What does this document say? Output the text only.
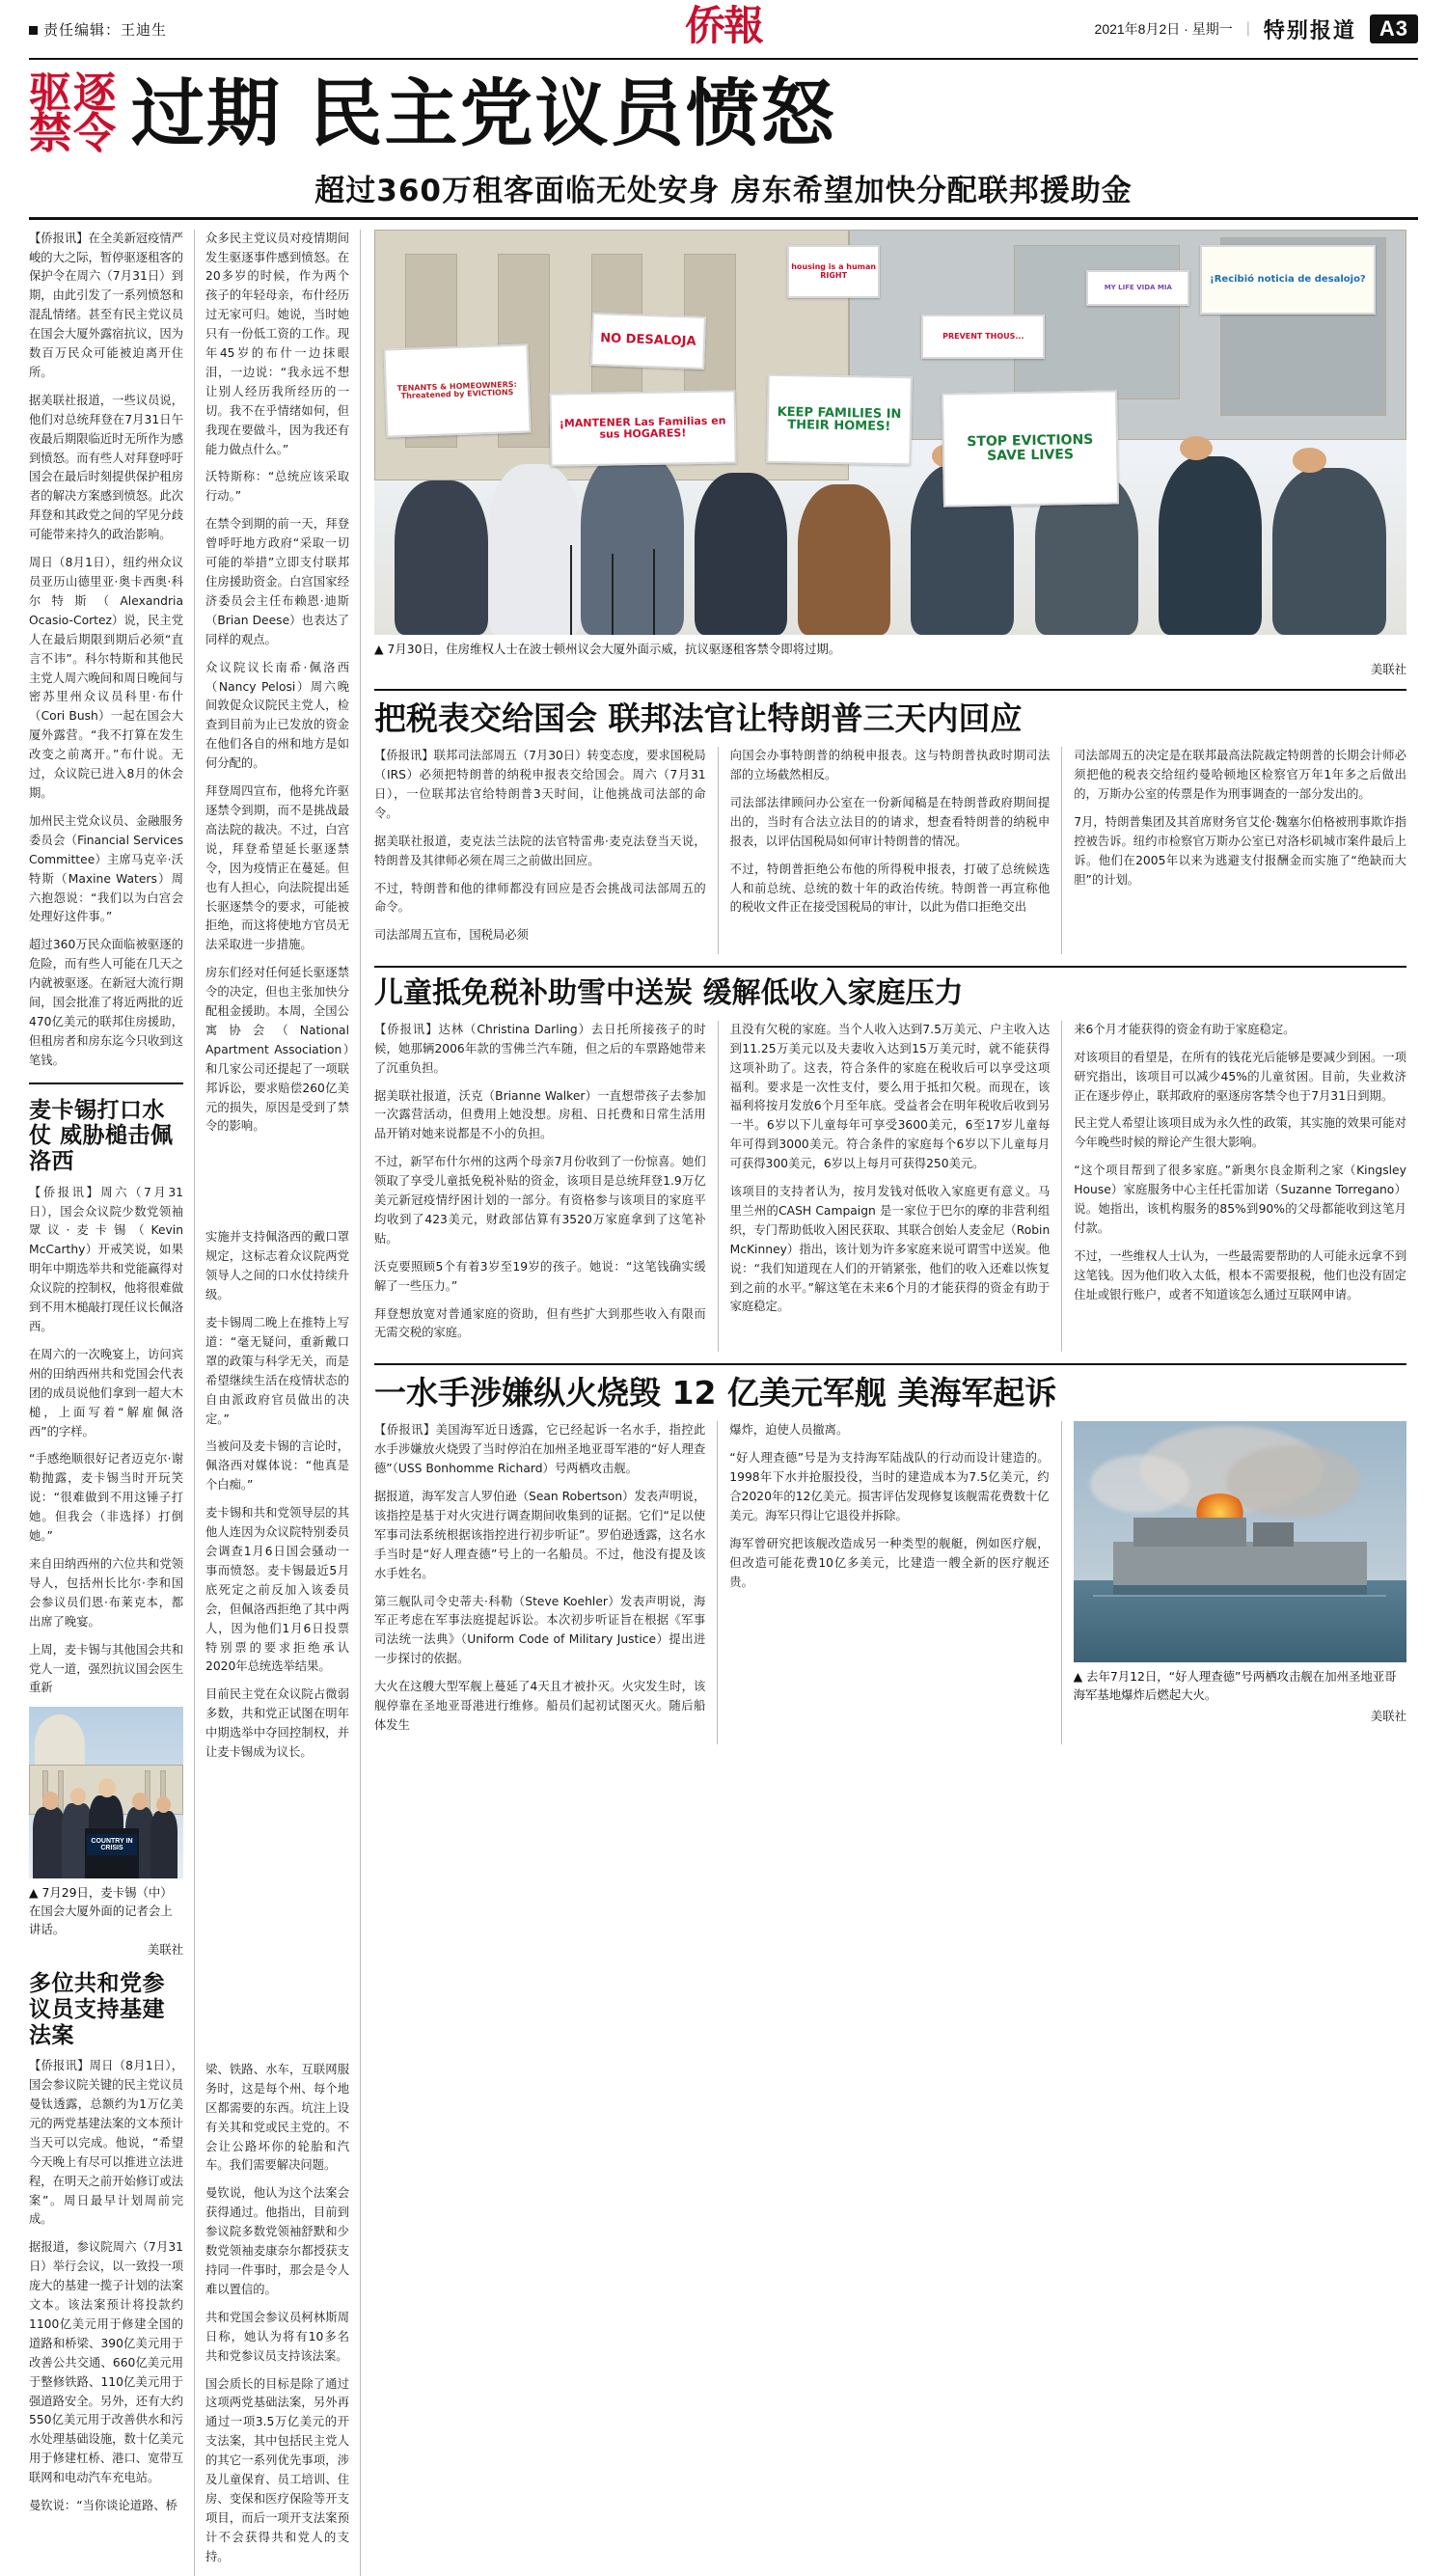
责任编辑：王迪生	侨報	2021年8月2日 · 星期一 | 特别报道	A3
驱逐
禁令 过期 民主党议员愤怒
超过360万租客面临无处安身 房东希望加快分配联邦援助金

【侨报讯】在全美新冠疫情严峻的大之际，暂停驱逐租客的保护令在周六（7月31日）到期，由此引发了一系列愤怒和混乱情绪。甚至有民主党议员在国会大厦外露宿抗议，因为数百万民众可能被迫离开住所。

据美联社报道，一些议员说，他们对总统拜登在7月31日午夜最后期限临近时无所作为感到愤怒。而有些人对拜登呼吁国会在最后时刻提供保护租房者的解决方案感到愤怒。此次拜登和其政党之间的罕见分歧可能带来持久的政治影响。

周日（8月1日），纽约州众议员亚历山德里亚·奥卡西奥·科尔特斯（Alexandria Ocasio-Cortez）说，民主党人在最后期限到期后必须“直言不讳”。科尔特斯和其他民主党人周六晚间和周日晚间与密苏里州众议员科里·布什（Cori Bush）一起在国会大厦外露营。“我不打算在发生改变之前离开。”布什说。无过，众议院已进入8月的休会期。

加州民主党众议员、金融服务委员会（Financial Services Committee）主席马克辛·沃特斯（Maxine Waters）周六抱怨说：“我们以为白宫会处理好这件事。”

超过360万民众面临被驱逐的危险，而有些人可能在几天之内就被驱逐。在新冠大流行期间，国会批准了将近两批的近470亿美元的联邦住房援助，但租房者和房东迄今只收到这笔钱。

麦卡锡打口水仗 威胁槌击佩洛西

【侨报讯】周六（7月31日），国会众议院少数党领袖眾议·麦卡锡（Kevin McCarthy）开戒笑说，如果明年中期选举共和党能赢得对众议院的控制权，他将很难做到不用木槌敲打现任议长佩洛西。

在周六的一次晚宴上，访问宾州的田纳西州共和党国会代表团的成员说他们拿到一超大木槌，上面写着“解雇佩洛西”的字样。

“手感绝顺很好记者迈克尔·谢勒抛露，麦卡锡当时开玩笑说：“很难做到不用这锤子打她。但我会（非选择）打倒她。”

来自田纳西州的六位共和党领导人，包括州长比尔·李和国会参议员们恩·布莱克本，都出席了晚宴。

上周，麦卡锡与其他国会共和党人一道，强烈抗议国会医生重新

COUNTRY IN CRISIS

▲ 7月29日，麦卡锡（中）在国会大厦外面的记者会上讲话。

美联社

多位共和党参议员支持基建法案

【侨报讯】周日（8月1日），国会参议院关键的民主党议员曼钛透露，总额约为1万亿美元的两党基建法案的文本预计当天可以完成。他说，“希望今天晚上有尽可以推进立法进程，在明天之前开始修订或法案”。周日最早计划周前完成。

据报道，参议院周六（7月31日）举行会议，以一致投一项庞大的基建一揽子计划的法案文本。该法案预计将投款约1100亿美元用于修建全国的道路和桥梁、390亿美元用于改善公共交通、660亿美元用于整修铁路、110亿美元用于强道路安全。另外，还有大约550亿美元用于改善供水和污水处理基础设施，数十亿美元用于修建杠桥、港口、宽带互联网和电动汽车充电站。

曼钦说：“当你谈论道路、桥

众多民主党议员对疫情期间发生驱逐事件感到愤怒。在20多岁的时候，作为两个孩子的年轻母亲，布什经历过无家可归。她说，当时她只有一份低工资的工作。现年45岁的布什一边抹眼泪，一边说：“我永远不想让别人经历我所经历的一切。我不在乎情绪如何，但我现在要做斗，因为我还有能力做点什么。”

沃特斯称：“总统应该采取行动。”

在禁令到期的前一天，拜登曾呼吁地方政府“采取一切可能的举措”立即支付联邦住房援助资金。白宫国家经济委员会主任布赖恩·迪斯（Brian Deese）也表达了同样的观点。

众议院议长南希·佩洛西（Nancy Pelosi）周六晚间敦促众议院民主党人，检查到目前为止已发放的资金在他们各自的州和地方是如何分配的。

拜登周四宣布，他将允许驱逐禁令到期，而不是挑战最高法院的裁决。不过，白宫说，拜登希望延长驱逐禁令，因为疫情正在蔓延。但也有人担心，向法院提出延长驱逐禁令的要求，可能被拒绝，而这将使地方官员无法采取进一步措施。

房东们经对任何延长驱逐禁令的决定，但也主张加快分配租金援助。本周，全国公寓协会（National Apartment Association）和几家公司还提起了一项联邦诉讼，要求赔偿260亿美元的损失，原因是受到了禁令的影响。

实施并支持佩洛西的戴口罩规定，这标志着众议院两党领导人之间的口水仗持续升级。

麦卡锡周二晚上在推特上写道：“毫无疑问，重新戴口罩的政策与科学无关，而是希望继续生活在疫情状态的自由派政府官员做出的决定。”

当被问及麦卡锡的言论时，佩洛西对媒体说：“他真是个白痴。”

麦卡锡和共和党领导层的其他人连因为众议院特别委员会调查1月6日国会骚动一事而愤怒。麦卡锡最近5月底死定之前反加入该委员会，但佩洛西拒绝了其中两人，因为他们1月6日投票特别票的要求拒绝承认2020年总统选举结果。

目前民主党在众议院占微弱多数，共和党正试图在明年中期选举中夺回控制权，并让麦卡锡成为议长。

梁、铁路、水车，互联网服务时，这是每个州、每个地区都需要的东西。坑注上设有关其和党或民主党的。不会让公路坏你的轮胎和汽车。我们需要解决问题。

曼钦说，他认为这个法案会获得通过。他指出，目前到参议院多数党领袖舒默和少数党领袖麦康奈尔都授获支持同一件事时，那会是令人难以置信的。

共和党国会参议员柯林斯周日称，她认为将有10多名共和党参议员支持该法案。

国会质长的目标是除了通过这项两党基础法案，另外再通过一项3.5万亿美元的开支法案，其中包括民主党人的其它一系列优先事项，涉及儿童保育、员工培训、住房、变保和医疗保险等开支项目，而后一项开支法案预计不会获得共和党人的支持。

TENANTS & HOMEOWNERS: Threatened by EVICTIONS
NO DESALOJA
¡MANTENER Las Familias en sus HOGARES!
KEEP FAMILIES IN THEIR HOMES!
STOP EVICTIONS SAVE LIVES
housing is a human RIGHT
PREVENT THOUS...
¡Recibió noticia de desalojo?
MY LIFE VIDA MIA

▲ 7月30日，住房维权人士在波士顿州议会大厦外面示威，抗议驱逐租客禁令即将过期。

美联社

把税表交给国会 联邦法官让特朗普三天内回应

【侨报讯】联邦司法部周五（7月30日）转变态度，要求国税局（IRS）必须把特朗普的纳税申报表交给国会。周六（7月31日），一位联邦法官给特朗普3天时间，让他挑战司法部的命令。

据美联社报道，麦克法兰法院的法官特雷弗·麦克法登当天说，特朗普及其律师必须在周三之前做出回应。

不过，特朗普和他的律师都没有回应是否会挑战司法部周五的命令。

司法部周五宣布，国税局必须

向国会办事特朗普的纳税申报表。这与特朗普执政时期司法部的立场截然相反。

司法部法律顾问办公室在一份新闻稿是在特朗普政府期间提出的，当时有合法立法目的的请求，想查看特朗普的纳税申报表，以评估国税局如何审计特朗普的情况。

不过，特朗普拒绝公布他的所得税申报表，打破了总统候选人和前总统、总统的数十年的政治传统。特朗普一再宣称他的税收文件正在接受国税局的审计，以此为借口拒绝交出

司法部周五的决定是在联邦最高法院裁定特朗普的长期会计师必须把他的税表交给纽约曼哈顿地区检察官万年1年多之后做出的，万斯办公室的传票是作为刑事调查的一部分发出的。

7月，特朗普集团及其首席财务官艾伦·魏塞尔伯格被刑事欺诈指控被告诉。纽约市检察官万斯办公室已对洛杉矶城市案件最后上诉。他们在2005年以来为逃避支付报酬金而实施了“绝缺而大胆”的计划。

儿童抵免税补助雪中送炭 缓解低收入家庭压力

【侨报讯】达林（Christina Darling）去日托所接孩子的时候，她那辆2006年款的雪佛兰汽车随，但之后的车票路她带来了沉重负担。

据美联社报道，沃克（Brianne Walker）一直想带孩子去参加一次露营活动，但费用上她没想。房租、日托费和日常生活用品开销对她来说都是不小的负担。

不过，新罕布什尔州的这两个母亲7月份收到了一份惊喜。她们领取了享受儿童抵免税补贴的资金，该项目是总统拜登1.9万亿美元新冠疫情纾困计划的一部分。有资格参与该项目的家庭平均收到了423美元，财政部估算有3520万家庭拿到了这笔补贴。

沃克要照顾5个有着3岁至19岁的孩子。她说：“这笔钱确实缓解了一些压力。”

拜登想放宽对普通家庭的资助，但有些扩大到那些收入有限而无需交税的家庭。

且没有欠税的家庭。当个人收入达到7.5万美元、户主收入达到11.25万美元以及夫妻收入达到15万美元时，就不能获得这项补助了。这表，符合条件的家庭在税收后可以享受这项福利。要求是一次性支付，要么用于抵扣欠税。而现在，该福利将按月发放6个月至年底。受益者会在明年税收后收到另一半。6岁以下儿童每年可享受3600美元，6至17岁儿童每年可得到3000美元。符合条件的家庭每个6岁以下儿童每月可获得300美元，6岁以上每月可获得250美元。

该项目的支持者认为，按月发钱对低收入家庭更有意义。马里兰州的CASH Campaign 是一家位于巴尔的摩的非营利组织，专门帮助低收入困民获取、其联合创始人麦金尼（Robin McKinney）指出，该计划为许多家庭来说可谓雪中送炭。他说：“我们知道现在人们的开销紧张，他们的收入还难以恢复到之前的水平。”解这笔在未来6个月的才能获得的资金有助于家庭稳定。

来6个月才能获得的资金有助于家庭稳定。

对该项目的看望是，在所有的钱花光后能够是要减少到困。一项研究指出，该项目可以减少45%的儿童贫困。目前，失业救济正在逐步停止，联邦政府的驱逐房客禁令也于7月31日到期。

民主党人希望让该项目成为永久性的政策，其实施的效果可能对今年晚些时候的辩论产生很大影响。

“这个项目帮到了很多家庭。”新奥尔良金斯利之家（Kingsley House）家庭服务中心主任托雷加诺（Suzanne Torregano）说。她指出，该机构服务的85%到90%的父母都能收到这笔月付款。

不过，一些维权人士认为，一些最需要帮助的人可能永远拿不到这笔钱。因为他们收入太低，根本不需要报税，他们也没有固定住址或银行账户，或者不知道该怎么通过互联网申请。

一水手涉嫌纵火烧毁 12 亿美元军舰 美海军起诉

【侨报讯】美国海军近日透露，它已经起诉一名水手，指控此水手涉嫌放火烧毁了当时停泊在加州圣地亚哥军港的“好人理查德”（USS Bonhomme Richard）号两栖攻击舰。

据报道，海军发言人罗伯逊（Sean Robertson）发表声明说，该指控是基于对火灾进行调查期间收集到的证据。它们“足以使军事司法系统根据该指控进行初步听证”。罗伯逊透露，这名水手当时是“好人理查德”号上的一名船员。不过，他没有提及该水手姓名。

第三舰队司令史蒂夫·科勒（Steve Koehler）发表声明说，海军正考虑在军事法庭提起诉讼。本次初步听证旨在根据《军事司法统一法典》（Uniform Code of Military Justice）提出进一步探讨的依据。

大火在这艘大型军舰上蔓延了4天且才被扑灭。火灾发生时，该舰停靠在圣地亚哥港进行维修。船员们起初试图灭火。随后船体发生

爆炸，迫使人员撤离。

“好人理查德”号是为支持海军陆战队的行动而设计建造的。1998年下水并抢服投役，当时的建造成本为7.5亿美元，约合2020年的12亿美元。损害评估发现修复该舰需花费数十亿美元。海军只得让它退役并拆除。

海军曾研究把该舰改造成另一种类型的舰艇，例如医疗舰，但改造可能花费10亿多美元，比建造一艘全新的医疗舰还贵。

▲ 去年7月12日，“好人理查德”号两栖攻击舰在加州圣地亚哥海军基地爆炸后燃起大火。

美联社
